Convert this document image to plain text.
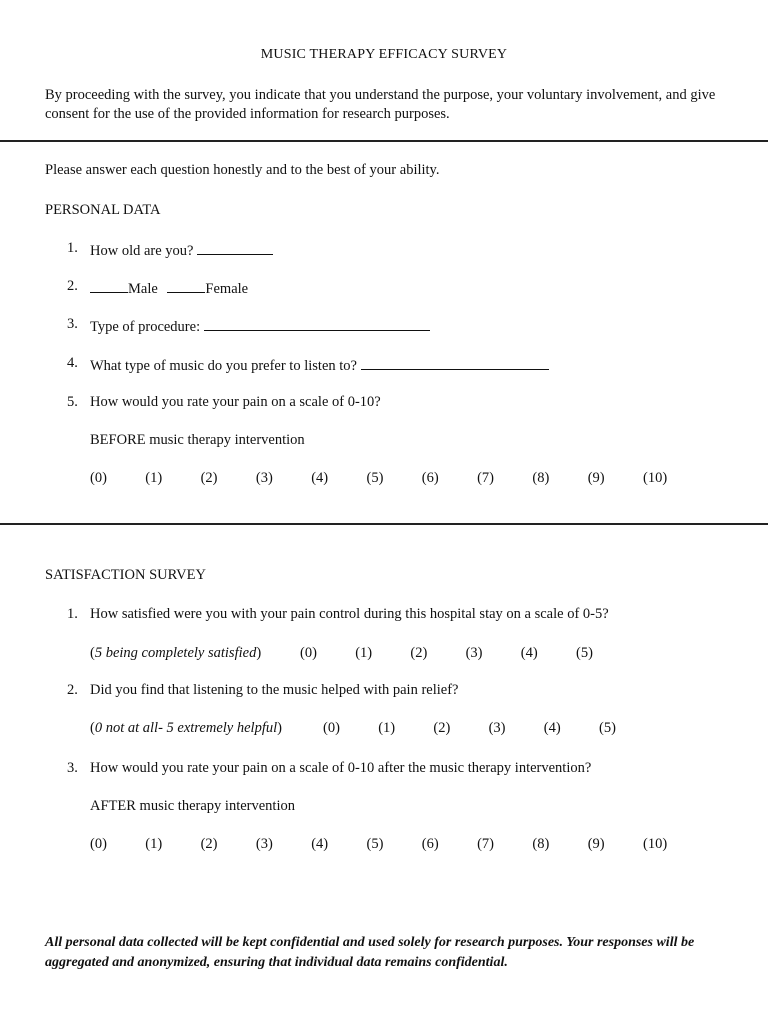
MUSIC THERAPY EFFICACY SURVEY
By proceeding with the survey, you indicate that you understand the purpose, your voluntary involvement, and give consent for the use of the provided information for research purposes.
Please answer each question honestly and to the best of your ability.
PERSONAL DATA
1. How old are you?
2.	Male	Female
3. Type of procedure:
4. What type of music do you prefer to listen to?
5. How would you rate your pain on a scale of 0-10?
BEFORE music therapy intervention
(0)	(1)	(2)	(3)	(4)	(5)	(6)	(7)	(8)	(9)	(10)
SATISFACTION SURVEY
1. How satisfied were you with your pain control during this hospital stay on a scale of 0-5?
(5 being completely satisfied)	(0)	(1)	(2)	(3)	(4)	(5)
2. Did you find that listening to the music helped with pain relief?
(0 not at all- 5 extremely helpful)	(0)	(1)	(2)	(3)	(4)	(5)
3. How would you rate your pain on a scale of 0-10 after the music therapy intervention?
AFTER music therapy intervention
(0)	(1)	(2)	(3)	(4)	(5)	(6)	(7)	(8)	(9)	(10)
All personal data collected will be kept confidential and used solely for research purposes. Your responses will be aggregated and anonymized, ensuring that individual data remains confidential.
